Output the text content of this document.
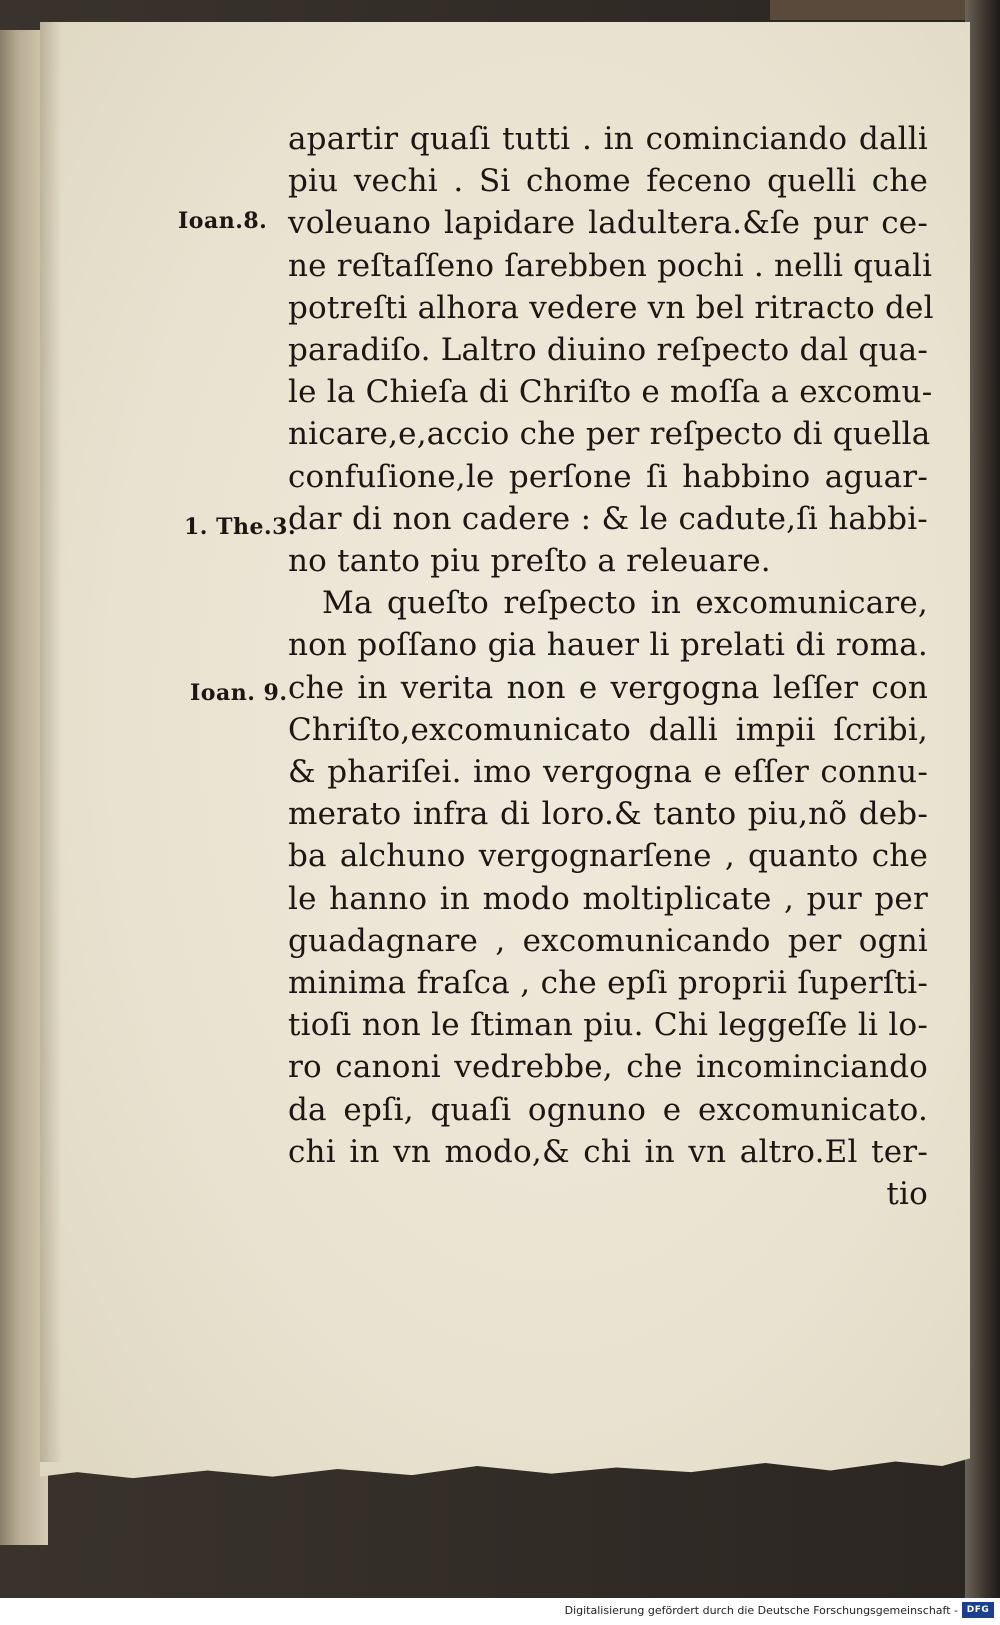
Ioan.8.
1. The.3.
Ioan. 9.
apartir quaſi tutti . in cominciando dalli
piu vechi . Si chome feceno quelli che
voleuano lapidare ladultera.&ſe pur ce-
ne reſtaſſeno ſarebben pochi . nelli quali
potreſti alhora vedere vn bel ritracto del
paradiſo. Laltro diuino reſpecto dal qua-
le la Chieſa di Chriſto e moſſa a excomu-
nicare,e,accio che per reſpecto di quella
confuſione,le perſone ſi habbino aguar-
dar di non cadere : & le cadute,ſi habbi-
no tanto piu preſto a releuare.
Ma queſto reſpecto in excomunicare,
non poſſano gia hauer li prelati di roma.
che in verita non e vergogna leſſer con
Chriſto,excomunicato dalli impii ſcribi,
& phariſei. imo vergogna e eſſer connu-
merato infra di loro.& tanto piu,nõ deb-
ba alchuno vergognarſene , quanto che
le hanno in modo moltiplicate , pur per
guadagnare , excomunicando per ogni
minima fraſca , che epſi proprii ſuperſti-
tioſi non le ſtiman piu. Chi leggeſſe li lo-
ro canoni vedrebbe, che incominciando
da epſi, quaſi ognuno e excomunicato.
chi in vn modo,& chi in vn altro.El ter-
tio
Digitalisierung gefördert durch die Deutsche Forschungsgemeinschaft - DFG
